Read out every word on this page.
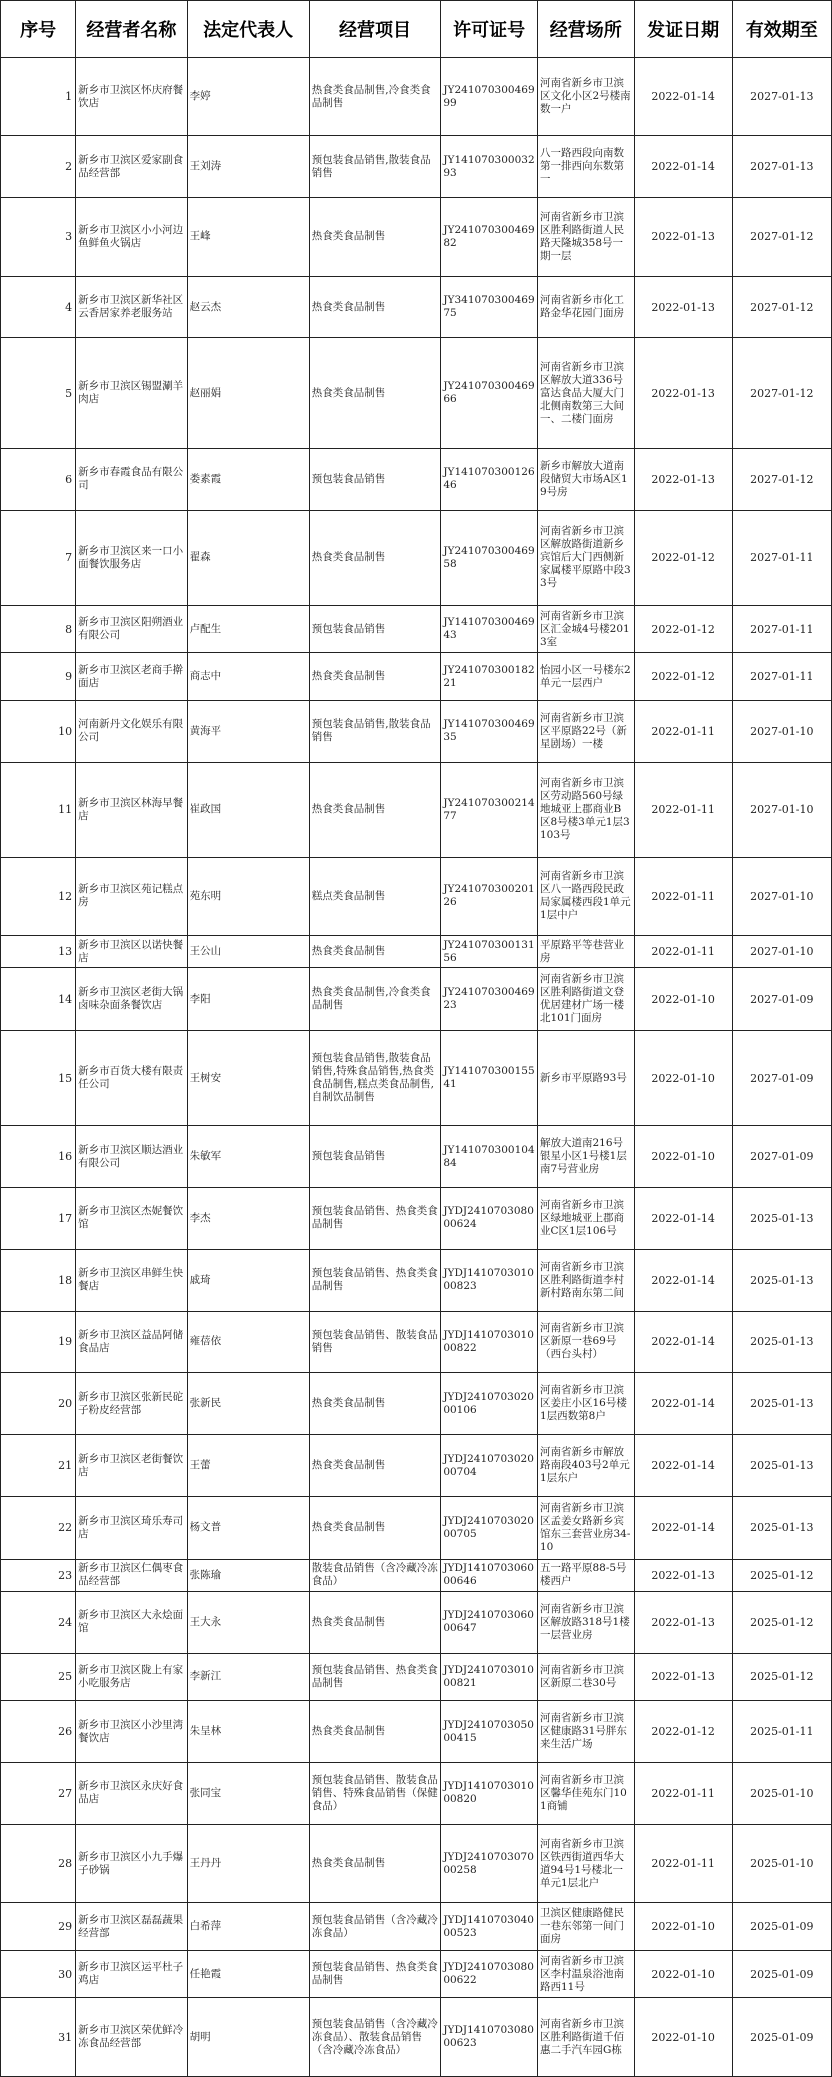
序号	经营者名称	法定代表人	经营项目	许可证号	经营场所	发证日期	有效期至
1	新乡市卫滨区怀庆府餐饮店	李婷	热食类食品制售,冷食类食品制售	JY24107030046999	河南省新乡市卫滨区文化小区2号楼南数一户	2022-01-14	2027-01-13
2	新乡市卫滨区爱家副食品经营部	王刘涛	预包装食品销售,散装食品销售	JY14107030003293	八一路西段向南数第一排西向东数第一	2022-01-14	2027-01-13
3	新乡市卫滨区小小河边鱼鲜鱼火锅店	王峰	热食类食品制售	JY24107030046982	河南省新乡市卫滨区胜利路街道人民路天隆城358号一期一层	2022-01-13	2027-01-12
4	新乡市卫滨区新华社区云香居家养老服务站	赵云杰	热食类食品制售	JY34107030046975	河南省新乡市化工路金华花园门面房	2022-01-13	2027-01-12
5	新乡市卫滨区锡盟涮羊肉店	赵丽娟	热食类食品制售	JY24107030046966	河南省新乡市卫滨区解放大道336号富达食品大厦大门北侧南数第三大间一、二楼门面房	2022-01-13	2027-01-12
6	新乡市春霞食品有限公司	娄素霞	预包装食品销售	JY14107030012646	新乡市解放大道南段储贸大市场A区19号房	2022-01-13	2027-01-12
7	新乡市卫滨区来一口小面餐饮服务店	翟森	热食类食品制售	JY24107030046958	河南省新乡市卫滨区解放路街道新乡宾馆后大门西侧新家属楼平原路中段33号	2022-01-12	2027-01-11
8	新乡市卫滨区阳朔酒业有限公司	卢配生	预包装食品销售	JY14107030046943	河南省新乡市卫滨区汇金城4号楼2013室	2022-01-12	2027-01-11
9	新乡市卫滨区老商手擀面店	商志中	热食类食品制售	JY24107030018221	怡园小区一号楼东2单元一层西户	2022-01-12	2027-01-11
10	河南新丹文化娱乐有限公司	黄海平	预包装食品销售,散装食品销售	JY14107030046935	河南省新乡市卫滨区平原路22号（新星剧场）一楼	2022-01-11	2027-01-10
11	新乡市卫滨区林海早餐店	崔政国	热食类食品制售	JY24107030021477	河南省新乡市卫滨区劳动路560号绿地城亚上郡商业B区8号楼3单元1层3103号	2022-01-11	2027-01-10
12	新乡市卫滨区苑记糕点房	苑东明	糕点类食品制售	JY24107030020126	河南省新乡市卫滨区八一路西段民政局家属楼西段1单元1层中户	2022-01-11	2027-01-10
13	新乡市卫滨区以诺快餐店	王公山	热食类食品制售	JY24107030013156	平原路平等巷营业房	2022-01-11	2027-01-10
14	新乡市卫滨区老街大锅卤味杂面条餐饮店	李阳	热食类食品制售,冷食类食品制售	JY24107030046923	河南省新乡市卫滨区胜利路街道文登优居建材广场一楼北101门面房	2022-01-10	2027-01-09
15	新乡市百货大楼有限责任公司	王树安	预包装食品销售,散装食品销售,特殊食品销售,热食类食品制售,糕点类食品制售,自制饮品制售	JY14107030015541	新乡市平原路93号	2022-01-10	2027-01-09
16	新乡市卫滨区顺达酒业有限公司	朱敏军	预包装食品销售	JY14107030010484	解放大道南216号银星小区1号楼1层南7号营业房	2022-01-10	2027-01-09
17	新乡市卫滨区杰妮餐饮馆	李杰	预包装食品销售、热食类食品制售	JYDJ241070308000624	河南省新乡市卫滨区绿地城亚上郡商业C区1层106号	2022-01-14	2025-01-13
18	新乡市卫滨区串鲜生快餐店	戚琦	预包装食品销售、热食类食品制售	JYDJ141070301000823	河南省新乡市卫滨区胜利路街道李村新村路南东第二间	2022-01-14	2025-01-13
19	新乡市卫滨区益品阿储食品店	雍蓓依	预包装食品销售、散装食品销售	JYDJ141070301000822	河南省新乡市卫滨区新原一巷69号（西台头村）	2022-01-14	2025-01-13
20	新乡市卫滨区张新民砣子粉皮经营部	张新民	热食类食品制售	JYDJ241070302000106	河南省新乡市卫滨区姜庄小区16号楼1层西数第8户	2022-01-14	2025-01-13
21	新乡市卫滨区老街餐饮店	王蕾	热食类食品制售	JYDJ241070302000704	河南省新乡市解放路南段403号2单元1层东户	2022-01-14	2025-01-13
22	新乡市卫滨区琦乐寿司店	杨文普	热食类食品制售	JYDJ241070302000705	河南省新乡市卫滨区孟姜女路新乡宾馆东三套营业房34-10	2022-01-14	2025-01-13
23	新乡市卫滨区仁偶枣食品经营部	张陈瑜	散装食品销售（含冷藏冷冻食品）	JYDJ141070306000646	五一路平原88-5号楼西户	2022-01-13	2025-01-12
24	新乡市卫滨区大永烩面馆	王大永	热食类食品制售	JYDJ241070306000647	河南省新乡市卫滨区解放路318号1楼一层营业房	2022-01-13	2025-01-12
25	新乡市卫滨区陇上有家小吃服务店	李新江	预包装食品销售、热食类食品制售	JYDJ241070301000821	河南省新乡市卫滨区新原二巷30号	2022-01-13	2025-01-12
26	新乡市卫滨区小沙里湾餐饮店	朱呈林	热食类食品制售	JYDJ241070305000415	河南省新乡市卫滨区健康路31号胖东来生活广场	2022-01-12	2025-01-11
27	新乡市卫滨区永庆好食品店	张同宝	预包装食品销售、散装食品销售、特殊食品销售（保健食品）	JYDJ141070301000820	河南省新乡市卫滨区馨华佳苑东门101商铺	2022-01-11	2025-01-10
28	新乡市卫滨区小九手爆子砂锅	王丹丹	热食类食品制售	JYDJ241070307000258	河南省新乡市卫滨区铁西街道西华大道94号1号楼北一单元1层北户	2022-01-11	2025-01-10
29	新乡市卫滨区磊磊蔬果经营部	白希萍	预包装食品销售（含冷藏冷冻食品）	JYDJ141070304000523	卫滨区健康路健民一巷东邻第一间门面房	2022-01-10	2025-01-09
30	新乡市卫滨区运平杜子鸡店	任艳霞	预包装食品销售、热食类食品制售	JYDJ241070308000622	河南省新乡市卫滨区李村温泉浴池南路西11号	2022-01-10	2025-01-09
31	新乡市卫滨区荣优鲜冷冻食品经营部	胡明	预包装食品销售（含冷藏冷冻食品）、散装食品销售（含冷藏冷冻食品）	JYDJ141070308000623	河南省新乡市卫滨区胜利路街道千佰惠二手汽车园G栋	2022-01-10	2025-01-09
